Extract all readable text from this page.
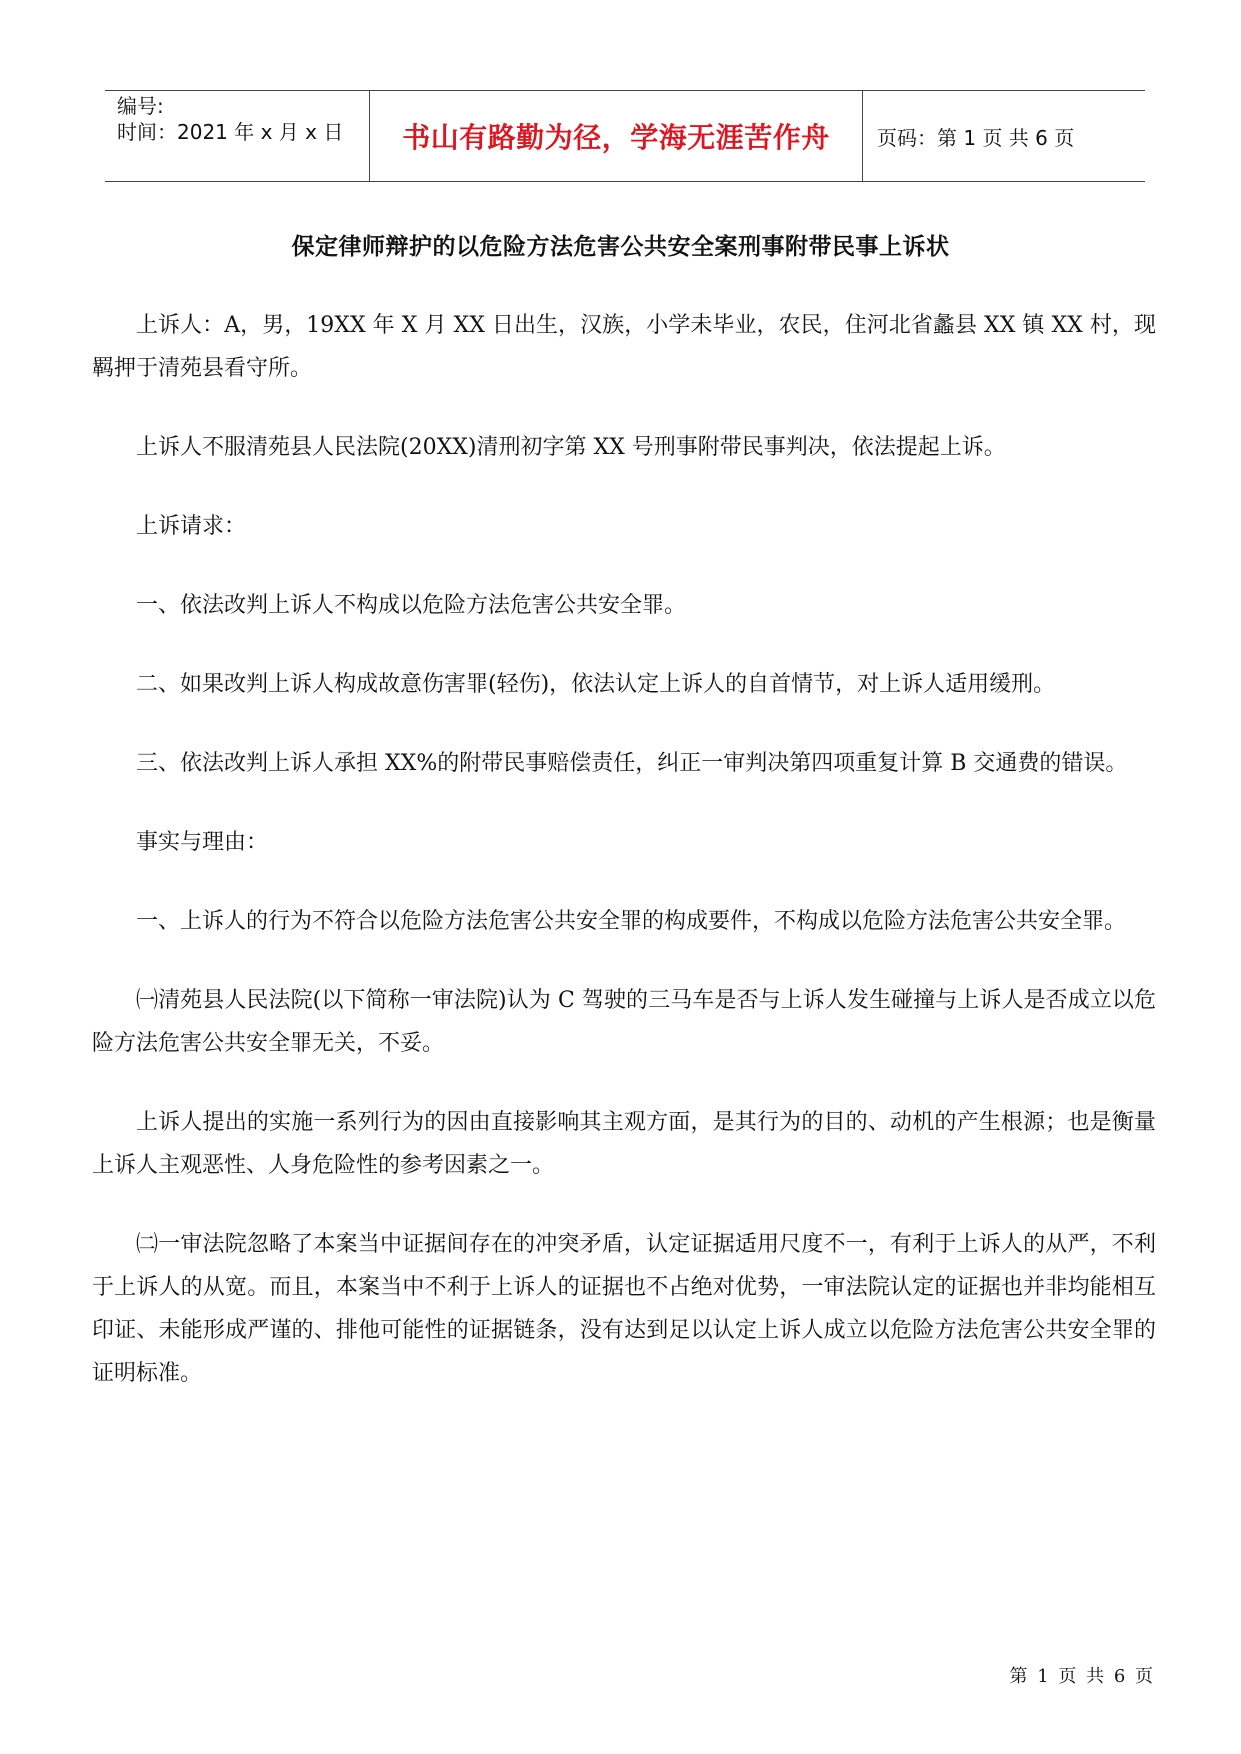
编号:
时间：2021 年 x 月 x 日	书山有路勤为径，学海无涯苦作舟 页码：第 1 页 共 6 页
保定律师辩护的以危险方法危害公共安全案刑事附带民事上诉状

上诉人：A，男，19XX 年 X 月 XX 日出生，汉族，小学未毕业，农民，住河北省蠡县 XX 镇 XX 村，现羁押于清苑县看守所。

上诉人不服清苑县人民法院(20XX)清刑初字第 XX 号刑事附带民事判决，依法提起上诉。

上诉请求：

一、依法改判上诉人不构成以危险方法危害公共安全罪。

二、如果改判上诉人构成故意伤害罪(轻伤)，依法认定上诉人的自首情节，对上诉人适用缓刑。

三、依法改判上诉人承担 XX%的附带民事赔偿责任，纠正一审判决第四项重复计算 B 交通费的错误。

事实与理由：

一、上诉人的行为不符合以危险方法危害公共安全罪的构成要件，不构成以危险方法危害公共安全罪。

㈠清苑县人民法院(以下简称一审法院)认为 C 驾驶的三马车是否与上诉人发生碰撞与上诉人是否成立以危险方法危害公共安全罪无关，不妥。

上诉人提出的实施一系列行为的因由直接影响其主观方面，是其行为的目的、动机的产生根源；也是衡量上诉人主观恶性、人身危险性的参考因素之一。

㈡一审法院忽略了本案当中证据间存在的冲突矛盾，认定证据适用尺度不一，有利于上诉人的从严，不利于上诉人的从宽。而且，本案当中不利于上诉人的证据也不占绝对优势，一审法院认定的证据也并非均能相互印证、未能形成严谨的、排他可能性的证据链条，没有达到足以认定上诉人成立以危险方法危害公共安全罪的证明标准。

第 1 页 共 6 页
